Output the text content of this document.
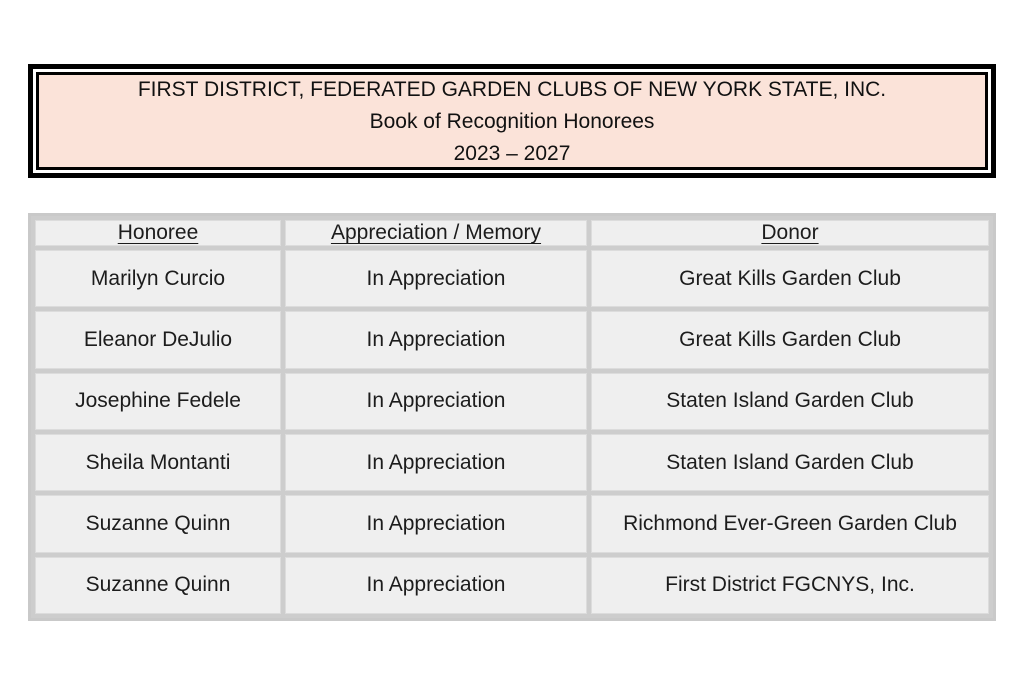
FIRST DISTRICT, FEDERATED GARDEN CLUBS OF NEW YORK STATE, INC.
Book of Recognition Honorees
2023 – 2027
Honoree	Appreciation / Memory	Donor
Marilyn Curcio	In Appreciation	Great Kills Garden Club
Eleanor DeJulio	In Appreciation	Great Kills Garden Club
Josephine Fedele	In Appreciation	Staten Island Garden Club
Sheila Montanti	In Appreciation	Staten Island Garden Club
Suzanne Quinn	In Appreciation	Richmond Ever-Green Garden Club
Suzanne Quinn	In Appreciation	First District FGCNYS, Inc.
